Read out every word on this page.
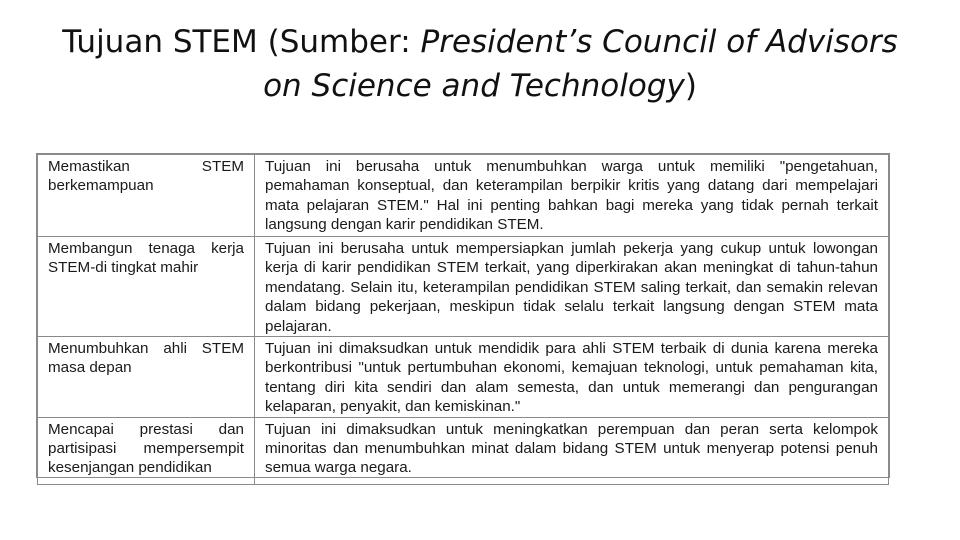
Tujuan STEM (Sumber: President’s Council of Advisors on Science and Technology)
Memastikan STEM berkemampuan	Tujuan ini berusaha untuk menumbuhkan warga untuk memiliki "pengetahuan, pemahaman konseptual, dan keterampilan berpikir kritis yang datang dari mempelajari mata pelajaran STEM." Hal ini penting bahkan bagi mereka yang tidak pernah terkait langsung dengan karir pendidikan STEM.
Membangun tenaga kerja STEM-di tingkat mahir	Tujuan ini berusaha untuk mempersiapkan jumlah pekerja yang cukup untuk lowongan kerja di karir pendidikan STEM terkait, yang diperkirakan akan meningkat di tahun-tahun mendatang. Selain itu, keterampilan pendidikan STEM saling terkait, dan semakin relevan dalam bidang pekerjaan, meskipun tidak selalu terkait langsung dengan STEM mata pelajaran.
Menumbuhkan ahli STEM masa depan	Tujuan ini dimaksudkan untuk mendidik para ahli STEM terbaik di dunia karena mereka berkontribusi "untuk pertumbuhan ekonomi, kemajuan teknologi, untuk pemahaman kita, tentang diri kita sendiri dan alam semesta, dan untuk memerangi dan pengurangan kelaparan, penyakit, dan kemiskinan."
Mencapai prestasi dan partisipasi mempersempit kesenjangan pendidikan	Tujuan ini dimaksudkan untuk meningkatkan perempuan dan peran serta kelompok minoritas dan menumbuhkan minat dalam bidang STEM untuk menyerap potensi penuh semua warga negara.
